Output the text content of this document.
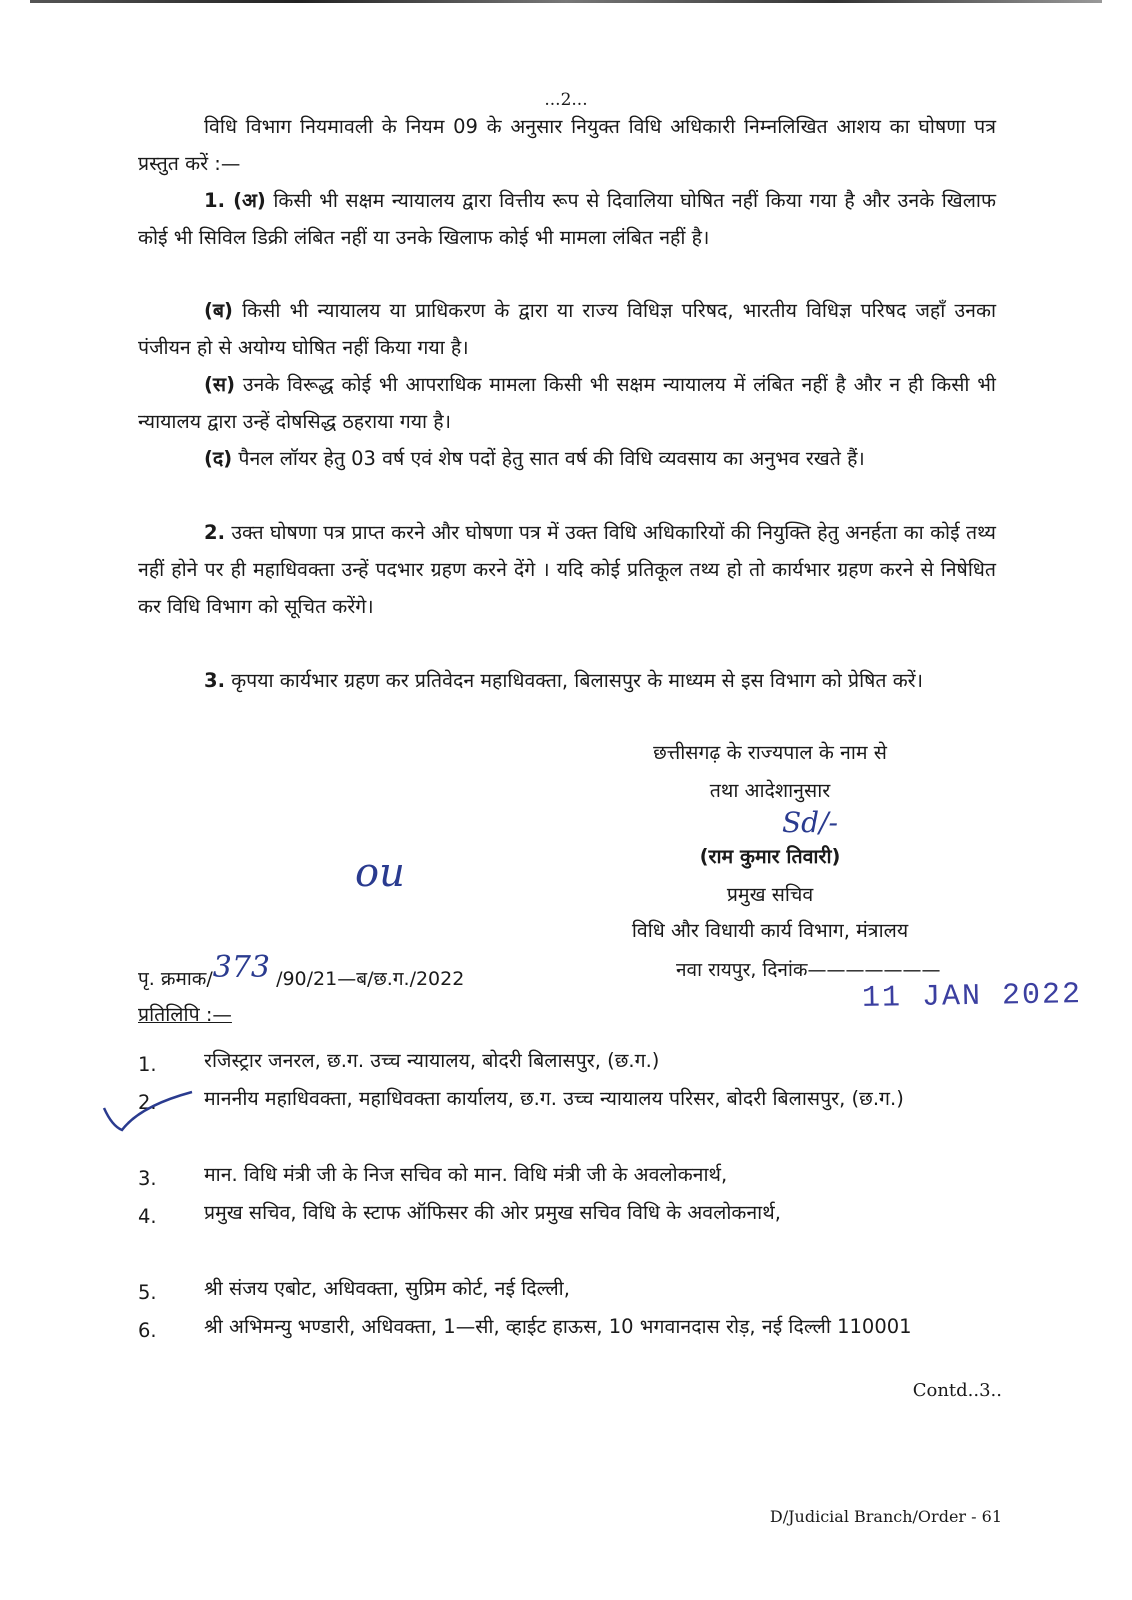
...2...
विधि विभाग नियमावली के नियम 09 के अनुसार नियुक्त विधि अधिकारी निम्नलिखित आशय का घोषणा पत्र प्रस्तुत करें :—
1. (अ) किसी भी सक्षम न्यायालय द्वारा वित्तीय रूप से दिवालिया घोषित नहीं किया गया है और उनके खिलाफ कोई भी सिविल डिक्री लंबित नहीं या उनके खिलाफ कोई भी मामला लंबित नहीं है।
(ब) किसी भी न्यायालय या प्राधिकरण के द्वारा या राज्य विधिज्ञ परिषद, भारतीय विधिज्ञ परिषद जहाँ उनका पंजीयन हो से अयोग्य घोषित नहीं किया गया है।
(स) उनके विरूद्ध कोई भी आपराधिक मामला किसी भी सक्षम न्यायालय में लंबित नहीं है और न ही किसी भी न्यायालय द्वारा उन्हें दोषसिद्ध ठहराया गया है।
(द) पैनल लॉयर हेतु 03 वर्ष एवं शेष पदों हेतु सात वर्ष की विधि व्यवसाय का अनुभव रखते हैं।
2. उक्त घोषणा पत्र प्राप्त करने और घोषणा पत्र में उक्त विधि अधिकारियों की नियुक्ति हेतु अनर्हता का कोई तथ्य नहीं होने पर ही महाधिवक्ता उन्हें पदभार ग्रहण करने देंगे । यदि कोई प्रतिकूल तथ्य हो तो कार्यभार ग्रहण करने से निषेधित कर विधि विभाग को सूचित करेंगे।
3. कृपया कार्यभार ग्रहण कर प्रतिवेदन महाधिवक्ता, बिलासपुर के माध्यम से इस विभाग को प्रेषित करें।
छत्तीसगढ़ के राज्यपाल के नाम से
तथा आदेशानुसार
Sd/-
(राम कुमार तिवारी)
प्रमुख सचिव
विधि और विधायी कार्य विभाग, मंत्रालय
ou
पृ. क्रमाक/373 /90/21—ब/छ.ग./2022	नवा रायपुर, दिनांक———————
11 JAN 2022
प्रतिलिपि :—
1. रजिस्ट्रार जनरल, छ.ग. उच्च न्यायालय, बोदरी बिलासपुर, (छ.ग.)
2. माननीय महाधिवक्ता, महाधिवक्ता कार्यालय, छ.ग. उच्च न्यायालय परिसर, बोदरी बिलासपुर, (छ.ग.)
3. मान. विधि मंत्री जी के निज सचिव को मान. विधि मंत्री जी के अवलोकनार्थ,
4. प्रमुख सचिव, विधि के स्टाफ ऑफिसर की ओर प्रमुख सचिव विधि के अवलोकनार्थ,
5. श्री संजय एबोट, अधिवक्ता, सुप्रिम कोर्ट, नई दिल्ली,
6. श्री अभिमन्यु भण्डारी, अधिवक्ता, 1—सी, व्हाईट हाऊस, 10 भगवानदास रोड़, नई दिल्ली 110001
Contd..3..
D/Judicial Branch/Order - 61
